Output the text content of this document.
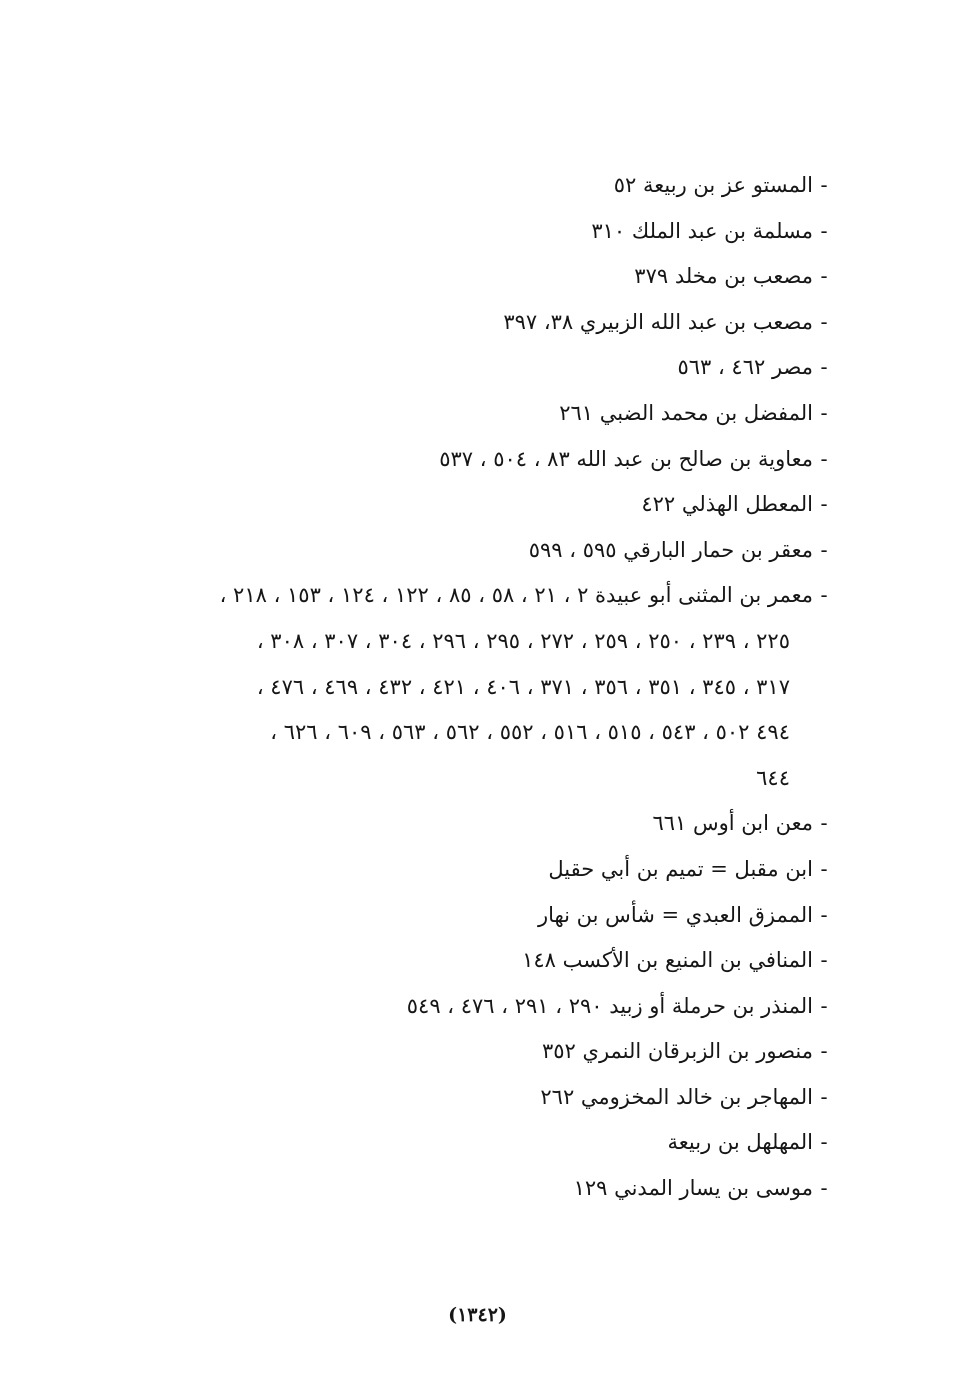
-المستو عز بن ربيعة ٥٢
-مسلمة بن عبد الملك ٣١٠
-مصعب بن مخلد ٣٧٩
-مصعب بن عبد الله الزبيري ٣٨، ٣٩٧
-مصر ٤٦٢ ، ٥٦٣
-المفضل بن محمد الضبي ٢٦١
-معاوية بن صالح بن عبد الله ٨٣ ، ٥٠٤ ، ٥٣٧
-المعطل الهذلي ٤٢٢
-معقر بن حمار البارقي ٥٩٥ ، ٥٩٩
-معمر بن المثنى أبو عبيدة ٢ ، ٢١ ، ٥٨ ، ٨٥ ، ١٢٢ ، ١٢٤ ، ١٥٣ ، ٢١٨ ،
٢٢٥ ، ٢٣٩ ، ٢٥٠ ، ٢٥٩ ، ٢٧٢ ، ٢٩٥ ، ٢٩٦ ، ٣٠٤ ، ٣٠٧ ، ٣٠٨ ،
٣١٧ ، ٣٤٥ ، ٣٥١ ، ٣٥٦ ، ٣٧١ ، ٤٠٦ ، ٤٢١ ، ٤٣٢ ، ٤٦٩ ، ٤٧٦ ،
٤٩٤ ٥٠٢ ، ٥٤٣ ، ٥١٥ ، ٥١٦ ، ٥٥٢ ، ٥٦٢ ، ٥٦٣ ، ٦٠٩ ، ٦٢٦ ،
٦٤٤
-معن ابن أوس ٦٦١
-ابن مقبل = تميم بن أبي حقيل
-الممزق العبدي = شأس بن نهار
-المنافي بن المنيع بن الأكسب ١٤٨
-المنذر بن حرملة أو زبيد ٢٩٠ ، ٢٩١ ، ٤٧٦ ، ٥٤٩
-منصور بن الزبرقان النمري ٣٥٢
-المهاجر بن خالد المخزومي ٢٦٢
-المهلهل بن ربيعة
-موسى بن يسار المدني ١٢٩
(١٣٤٢)
